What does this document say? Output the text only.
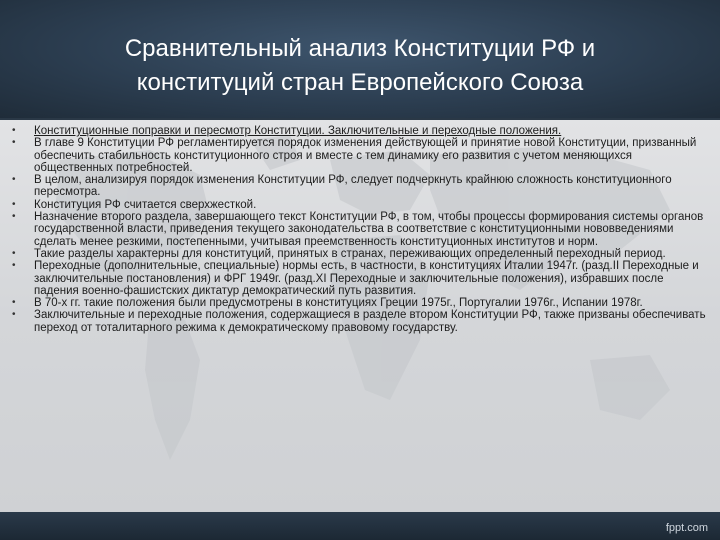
Сравнительный анализ Конституции РФ и
конституций стран Европейского Союза
• Конституционные поправки и пересмотр Конституции. Заключительные и переходные положения.
• В главе 9 Конституции РФ регламентируется порядок изменения действующей и принятие новой Конституции, призванный обеспечить стабильность конституционного строя и вместе с тем динамику его развития с учетом меняющихся общественных потребностей.
• В целом, анализируя порядок изменения Конституции РФ, следует подчеркнуть крайнюю сложность конституционного пересмотра.
• Конституция РФ считается сверхжесткой.
• Назначение второго раздела, завершающего текст Конституции РФ, в том, чтобы процессы формирования системы органов государственной власти, приведения текущего законодательства в соответствие с конституционными нововведениями сделать менее резкими, постепенными, учитывая преемственность конституционных институтов и норм.
• Такие разделы характерны для конституций, принятых в странах, переживающих определенный переходный период.
• Переходные (дополнительные, специальные) нормы есть, в частности, в конституциях Италии 1947г. (разд.II Переходные и заключительные постановления) и ФРГ 1949г. (разд.XI Переходные и заключительные положения), избравших после падения военно-фашистских диктатур демократический путь развития.
• В 70-х гг. такие положения были предусмотрены в конституциях Греции 1975г., Португалии 1976г., Испании 1978г.
• Заключительные и переходные положения, содержащиеся в разделе втором Конституции РФ, также призваны обеспечивать переход от тоталитарного режима к демократическому правовому государству.
fppt.com
